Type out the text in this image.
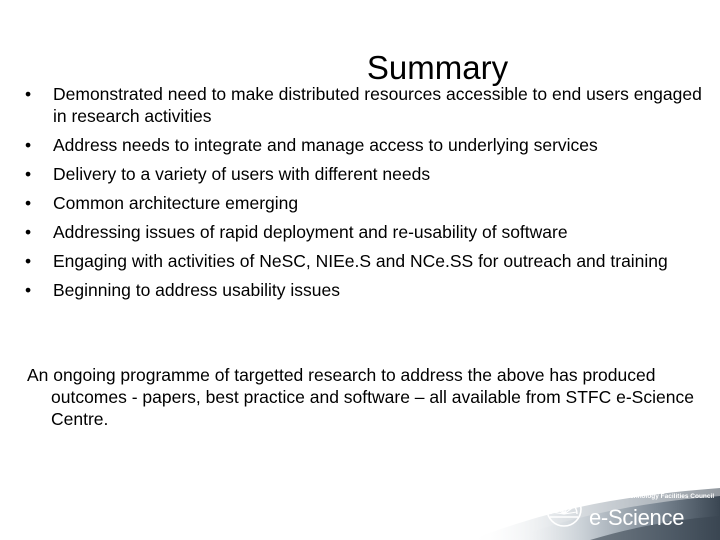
Summary
•	Demonstrated need to make distributed resources accessible to end users engaged in research activities
•	Address needs to integrate and manage access to underlying services
•	Delivery to a variety of users with different needs
•	Common architecture emerging
•	Addressing issues of rapid deployment and re-usability of software
•	Engaging with activities of NeSC, NIEe.S and NCe.SS for outreach and training
•	Beginning to address usability issues

An ongoing programme of targetted research to address the above has produced outcomes - papers, best practice and software – all available from STFC e-Science Centre.

Science & Technology Facilities Council
e-Science
